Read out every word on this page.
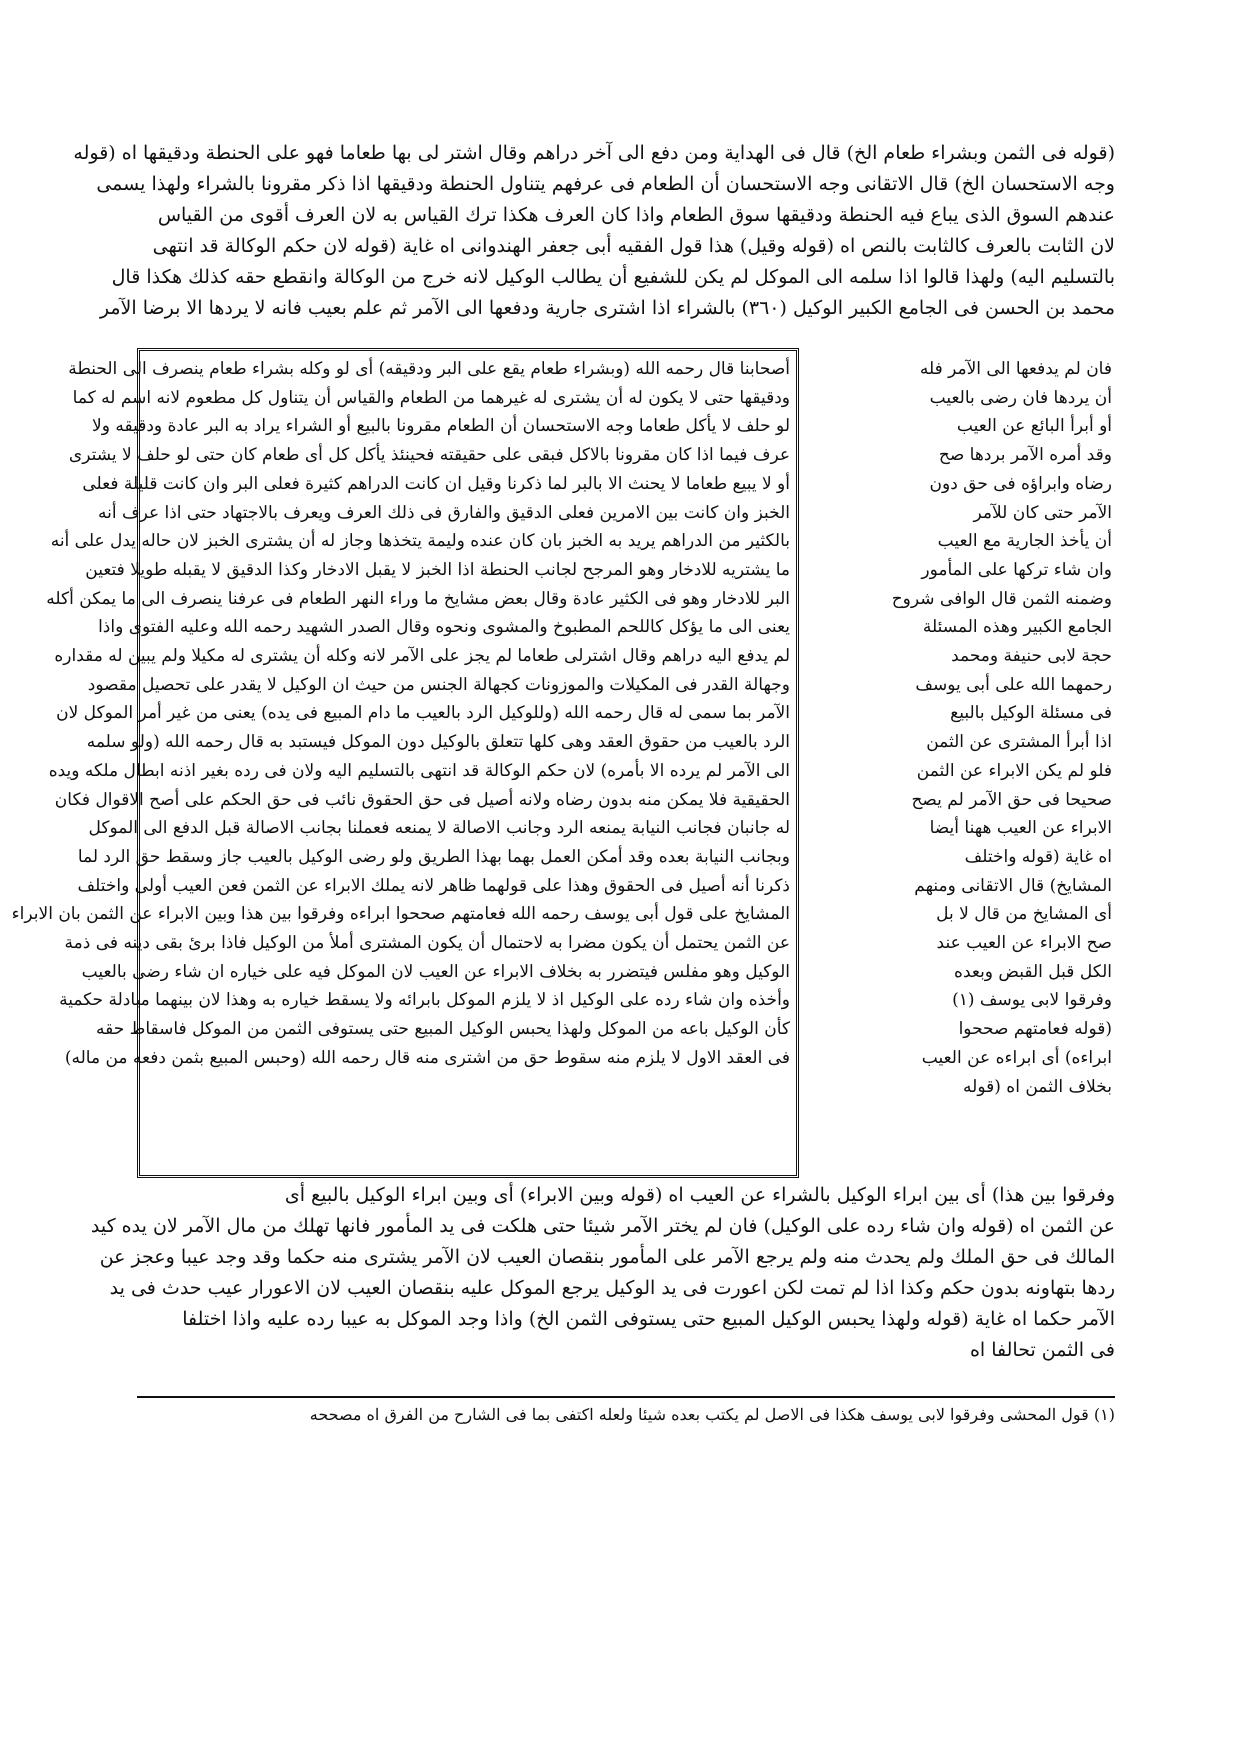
(قوله فى الثمن وبشراء طعام الخ) قال فى الهداية ومن دفع الى آخر دراهم وقال اشتر لى بها طعاما فهو على الحنطة ودقيقها اه (قوله
وجه الاستحسان الخ) قال الاتقانى وجه الاستحسان أن الطعام فى عرفهم يتناول الحنطة ودقيقها اذا ذكر مقرونا بالشراء ولهذا يسمى
عندهم السوق الذى يباع فيه الحنطة ودقيقها سوق الطعام واذا كان العرف هكذا ترك القياس به لان العرف أقوى من القياس
لان الثابت بالعرف كالثابت بالنص اه (قوله وقيل) هذا قول الفقيه أبى جعفر الهندوانى اه غاية (قوله لان حكم الوكالة قد انتهى
بالتسليم اليه) ولهذا قالوا اذا سلمه الى الموكل لم يكن للشفيع أن يطالب الوكيل لانه خرج من الوكالة وانقطع حقه كذلك هكذا قال
محمد بن الحسن فى الجامع الكبير الوكيل (٣٦٠) بالشراء اذا اشترى جارية ودفعها الى الآمر ثم علم بعيب فانه لا يردها الا برضا الآمر
أصحابنا قال رحمه الله (وبشراء طعام يقع على البر ودقيقه) أى لو وكله بشراء طعام ينصرف الى الحنطة
ودقيقها حتى لا يكون له أن يشترى له غيرهما من الطعام والقياس أن يتناول كل مطعوم لانه اسم له كما
لو حلف لا يأكل طعاما وجه الاستحسان أن الطعام مقرونا بالبيع أو الشراء يراد به البر عادة ودقيقه ولا
عرف فيما اذا كان مقرونا بالاكل فبقى على حقيقته فحينئذ يأكل كل أى طعام كان حتى لو حلف لا يشترى
أو لا يبيع طعاما لا يحنث الا بالبر لما ذكرنا وقيل ان كانت الدراهم كثيرة فعلى البر وان كانت قليلة فعلى
الخبز وان كانت بين الامرين فعلى الدقيق والفارق فى ذلك العرف ويعرف بالاجتهاد حتى اذا عرف أنه
بالكثير من الدراهم يريد به الخبز بان كان عنده وليمة يتخذها وجاز له أن يشترى الخبز لان حاله يدل على أنه
ما يشتريه للادخار وهو المرجح لجانب الحنطة اذا الخبز لا يقبل الادخار وكذا الدقيق لا يقبله طويلا فتعين
البر للادخار وهو فى الكثير عادة وقال بعض مشايخ ما وراء النهر الطعام فى عرفنا ينصرف الى ما يمكن أكله
يعنى الى ما يؤكل كاللحم المطبوخ والمشوى ونحوه وقال الصدر الشهيد رحمه الله وعليه الفتوى واذا
لم يدفع اليه دراهم وقال اشترلى طعاما لم يجز على الآمر لانه وكله أن يشترى له مكيلا ولم يبين له مقداره
وجهالة القدر فى المكيلات والموزونات كجهالة الجنس من حيث ان الوكيل لا يقدر على تحصيل مقصود
الآمر بما سمى له قال رحمه الله (وللوكيل الرد بالعيب ما دام المبيع فى يده) يعنى من غير أمر الموكل لان
الرد بالعيب من حقوق العقد وهى كلها تتعلق بالوكيل دون الموكل فيستبد به قال رحمه الله (ولو سلمه
الى الآمر لم يرده الا بأمره) لان حكم الوكالة قد انتهى بالتسليم اليه ولان فى رده بغير اذنه ابطال ملكه ويده
الحقيقية فلا يمكن منه بدون رضاه ولانه أصيل فى حق الحقوق نائب فى حق الحكم على أصح الاقوال فكان
له جانبان فجانب النيابة يمنعه الرد وجانب الاصالة لا يمنعه فعملنا بجانب الاصالة قبل الدفع الى الموكل
وبجانب النيابة بعده وقد أمكن العمل بهما بهذا الطريق ولو رضى الوكيل بالعيب جاز وسقط حق الرد لما
ذكرنا أنه أصيل فى الحقوق وهذا على قولهما ظاهر لانه يملك الابراء عن الثمن فعن العيب أولى واختلف
المشايخ على قول أبى يوسف رحمه الله فعامتهم صححوا ابراءه وفرقوا بين هذا وبين الابراء عن الثمن بان الابراء
عن الثمن يحتمل أن يكون مضرا به لاحتمال أن يكون المشترى أملأ من الوكيل فاذا برئ بقى دينه فى ذمة
الوكيل وهو مفلس فيتضرر به بخلاف الابراء عن العيب لان الموكل فيه على خياره ان شاء رضى بالعيب
وأخذه وان شاء رده على الوكيل اذ لا يلزم الموكل بابرائه ولا يسقط خياره به وهذا لان بينهما مبادلة حكمية
كأن الوكيل باعه من الموكل ولهذا يحبس الوكيل المبيع حتى يستوفى الثمن من الموكل فاسقاط حقه
فى العقد الاول لا يلزم منه سقوط حق من اشترى منه قال رحمه الله (وحبس المبيع بثمن دفعه من ماله)
فان لم يدفعها الى الآمر فله
أن يردها فان رضى بالعيب
أو أبرأ البائع عن العيب
وقد أمره الآمر بردها صح
رضاه وابراؤه فى حق دون
الآمر حتى كان للآمر
أن يأخذ الجارية مع العيب
وان شاء تركها على المأمور
وضمنه الثمن قال الوافى شروح
الجامع الكبير وهذه المسئلة
حجة لابى حنيفة ومحمد
رحمهما الله على أبى يوسف
فى مسئلة الوكيل بالبيع
اذا أبرأ المشترى عن الثمن
فلو لم يكن الابراء عن الثمن
صحيحا فى حق الآمر لم يصح
الابراء عن العيب ههنا أيضا
اه غاية (قوله واختلف
المشايخ) قال الاتقانى ومنهم
أى المشايخ من قال لا بل
صح الابراء عن العيب عند
الكل قبل القبض وبعده
وفرقوا لابى يوسف (١)
(قوله فعامتهم صححوا
ابراءه) أى ابراءه عن العيب
بخلاف الثمن اه (قوله
وفرقوا بين هذا) أى بين ابراء الوكيل بالشراء عن العيب اه (قوله وبين الابراء) أى وبين ابراء الوكيل بالبيع أى
عن الثمن اه (قوله وان شاء رده على الوكيل) فان لم يختر الآمر شيئا حتى هلكت فى يد المأمور فانها تهلك من مال الآمر لان يده كيد
المالك فى حق الملك ولم يحدث منه ولم يرجع الآمر على المأمور بنقصان العيب لان الآمر يشترى منه حكما وقد وجد عيبا وعجز عن
ردها بتهاونه بدون حكم وكذا اذا لم تمت لكن اعورت فى يد الوكيل يرجع الموكل عليه بنقصان العيب لان الاعورار عيب حدث فى يد
الآمر حكما اه غاية (قوله ولهذا يحبس الوكيل المبيع حتى يستوفى الثمن الخ) واذا وجد الموكل به عيبا رده عليه واذا اختلفا
فى الثمن تحالفا اه
(١) قول المحشى وفرقوا لابى يوسف هكذا فى الاصل لم يكتب بعده شيئا ولعله اكتفى بما فى الشارح من الفرق اه مصححه
